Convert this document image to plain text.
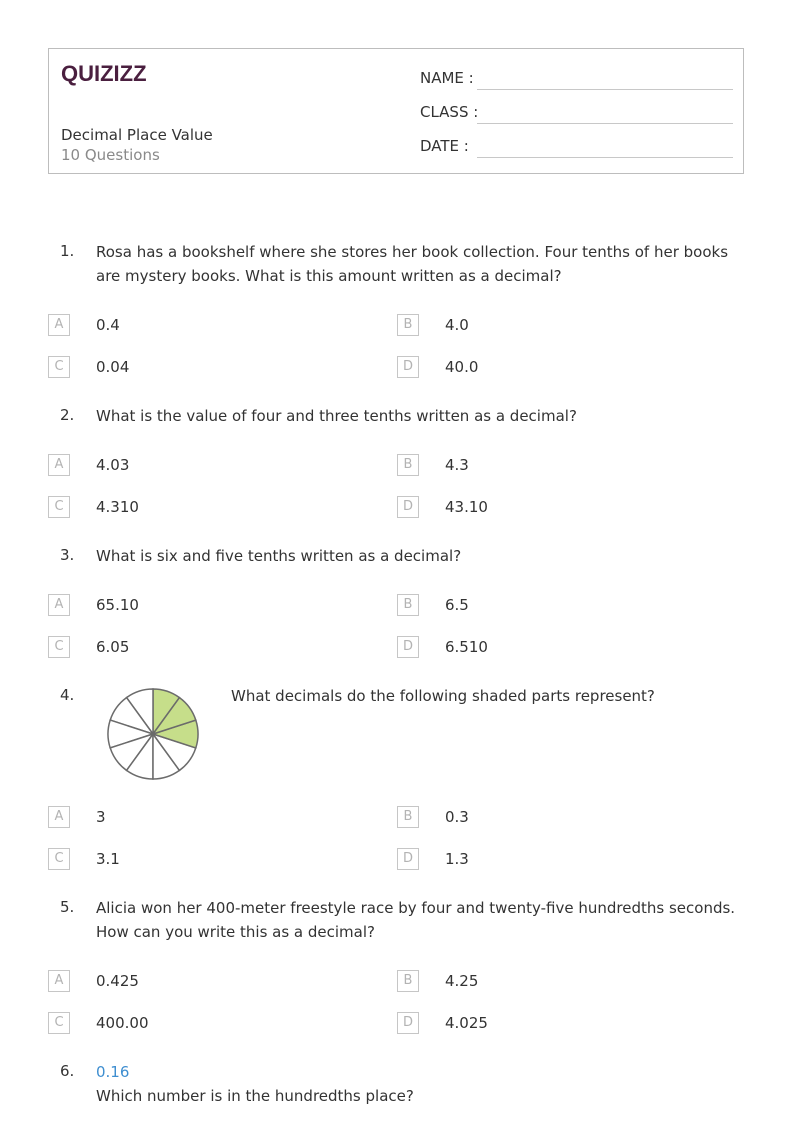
QUIZIZZ
Decimal Place Value
10 Questions
NAME :
CLASS :
DATE :
1. Rosa has a bookshelf where she stores her book collection. Four tenths of her books are mystery books. What is this amount written as a decimal?
A	0.4	B	4.0
C	0.04	D	40.0
2. What is the value of four and three tenths written as a decimal?
A	4.03	B	4.3
C	4.310	D	43.10
3. What is six and five tenths written as a decimal?
A	65.10	B	6.5
C	6.05	D	6.510
4.	What decimals do the following shaded parts represent?
A	3	B	0.3
C	3.1	D	1.3
5. Alicia won her 400-meter freestyle race by four and twenty-five hundredths seconds. How can you write this as a decimal?
A	0.425	B	4.25
C	400.00	D	4.025
6. 0.16
Which number is in the hundredths place?
